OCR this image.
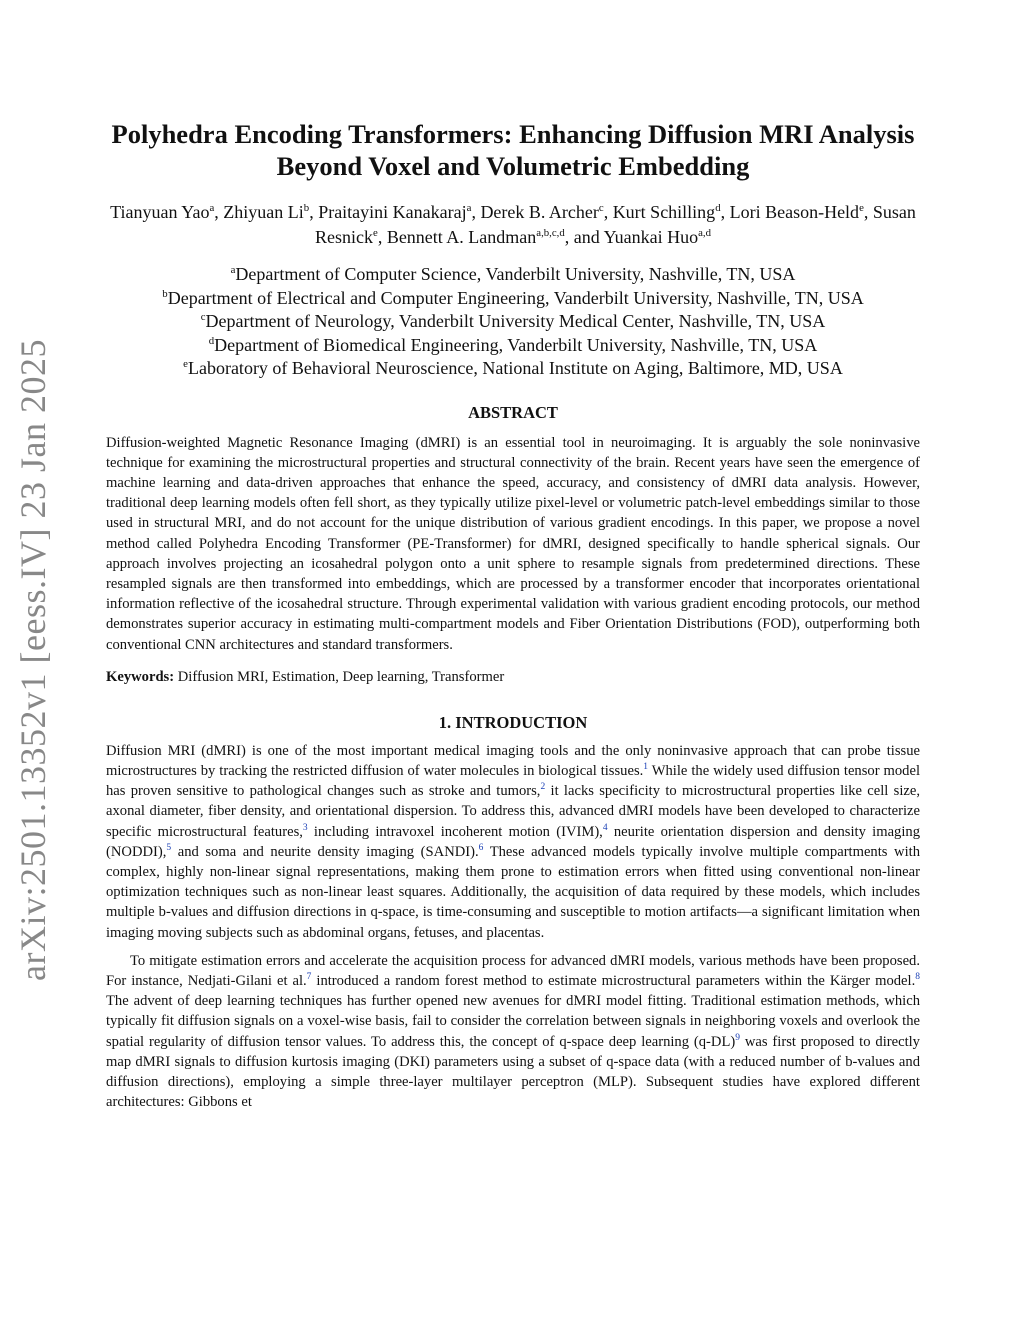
arXiv:2501.13352v1 [eess.IV] 23 Jan 2025
Polyhedra Encoding Transformers: Enhancing Diffusion MRI Analysis
Beyond Voxel and Volumetric Embedding
Tianyuan Yao$^a$, Zhiyuan Li$^b$, Praitayini Kanakaraj$^a$, Derek B. Archer$^c$, Kurt Schilling$^d$, Lori Beason-Held$^e$, Susan Resnick$^e$, Bennett A. Landman$^{a,b,c,d}$, and Yuankai Huo$^{a,d}$
$^a$Department of Computer Science, Vanderbilt University, Nashville, TN, USA
$^b$Department of Electrical and Computer Engineering, Vanderbilt University, Nashville, TN, USA
$^c$Department of Neurology, Vanderbilt University Medical Center, Nashville, TN, USA
$^d$Department of Biomedical Engineering, Vanderbilt University, Nashville, TN, USA
$^e$Laboratory of Behavioral Neuroscience, National Institute on Aging, Baltimore, MD, USA
ABSTRACT

Diffusion-weighted Magnetic Resonance Imaging (dMRI) is an essential tool in neuroimaging. It is arguably the sole noninvasive technique for examining the microstructural properties and structural connectivity of the brain. Recent years have seen the emergence of machine learning and data-driven approaches that enhance the speed, accuracy, and consistency of dMRI data analysis. However, traditional deep learning models often fell short, as they typically utilize pixel-level or volumetric patch-level embeddings similar to those used in structural MRI, and do not account for the unique distribution of various gradient encodings. In this paper, we propose a novel method called Polyhedra Encoding Transformer (PE-Transformer) for dMRI, designed specifically to handle spherical signals. Our approach involves projecting an icosahedral polygon onto a unit sphere to resample signals from predetermined directions. These resampled signals are then transformed into embeddings, which are processed by a transformer encoder that incorporates orientational information reflective of the icosahedral structure. Through experimental validation with various gradient encoding protocols, our method demonstrates superior accuracy in estimating multi-compartment models and Fiber Orientation Distributions (FOD), outperforming both conventional CNN architectures and standard transformers.

Keywords: Diffusion MRI, Estimation, Deep learning, Transformer
1. INTRODUCTION

Diffusion MRI (dMRI) is one of the most important medical imaging tools and the only noninvasive approach that can probe tissue microstructures by tracking the restricted diffusion of water molecules in biological tissues.$^1$ While the widely used diffusion tensor model has proven sensitive to pathological changes such as stroke and tumors,$^2$ it lacks specificity to microstructural properties like cell size, axonal diameter, fiber density, and orientational dispersion. To address this, advanced dMRI models have been developed to characterize specific microstructural features,$^3$ including intravoxel incoherent motion (IVIM),$^4$ neurite orientation dispersion and density imaging (NODDI),$^5$ and soma and neurite density imaging (SANDI).$^6$ These advanced models typically involve multiple compartments with complex, highly non-linear signal representations, making them prone to estimation errors when fitted using conventional non-linear optimization techniques such as non-linear least squares. Additionally, the acquisition of data required by these models, which includes multiple b-values and diffusion directions in q-space, is time-consuming and susceptible to motion artifacts—a significant limitation when imaging moving subjects such as abdominal organs, fetuses, and placentas.

To mitigate estimation errors and accelerate the acquisition process for advanced dMRI models, various methods have been proposed. For instance, Nedjati-Gilani et al.$^7$ introduced a random forest method to estimate microstructural parameters within the Kärger model.$^8$ The advent of deep learning techniques has further opened new avenues for dMRI model fitting. Traditional estimation methods, which typically fit diffusion signals on a voxel-wise basis, fail to consider the correlation between signals in neighboring voxels and overlook the spatial regularity of diffusion tensor values. To address this, the concept of q-space deep learning (q-DL)$^9$ was first proposed to directly map dMRI signals to diffusion kurtosis imaging (DKI) parameters using a subset of q-space data (with a reduced number of b-values and diffusion directions), employing a simple three-layer multilayer perceptron (MLP). Subsequent studies have explored different architectures: Gibbons et
